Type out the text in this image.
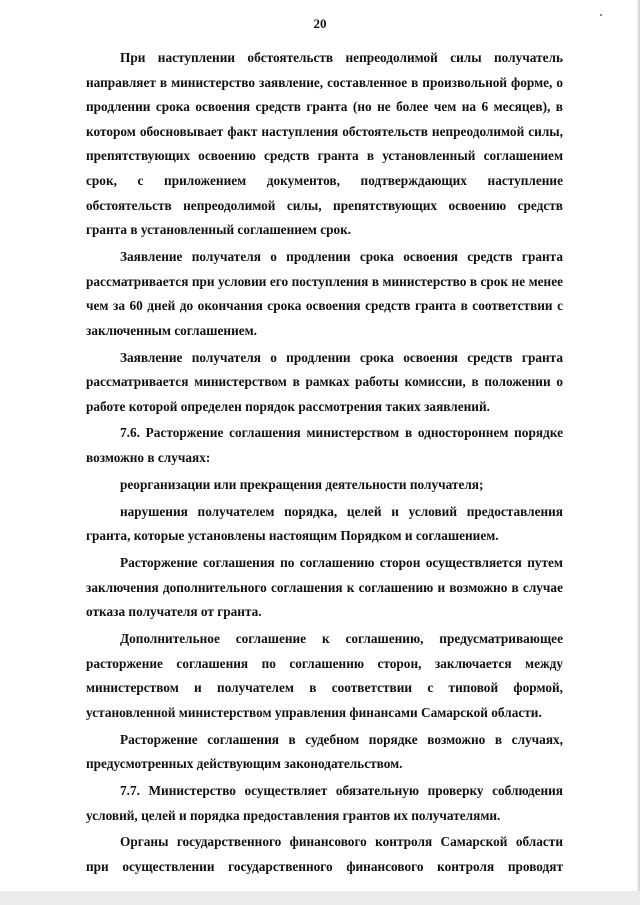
20

При наступлении обстоятельств непреодолимой силы получатель направляет в министерство заявление, составленное в произвольной форме, о продлении срока освоения средств гранта (но не более чем на 6 месяцев), в котором обосновывает факт наступления обстоятельств непреодолимой силы, препятствующих освоению средств гранта в установленный соглашением срок, с приложением документов, подтверждающих наступление обстоятельств непреодолимой силы, препятствующих освоению средств гранта в установленный соглашением срок.

Заявление получателя о продлении срока освоения средств гранта рассматривается при условии его поступления в министерство в срок не менее чем за 60 дней до окончания срока освоения средств гранта в соответствии с заключенным соглашением.

Заявление получателя о продлении срока освоения средств гранта рассматривается министерством в рамках работы комиссии, в положении о работе которой определен порядок рассмотрения таких заявлений.

7.6. Расторжение соглашения министерством в одностороннем порядке возможно в случаях:

реорганизации или прекращения деятельности получателя;

нарушения получателем порядка, целей и условий предоставления гранта, которые установлены настоящим Порядком и соглашением.

Расторжение соглашения по соглашению сторон осуществляется путем заключения дополнительного соглашения к соглашению и возможно в случае отказа получателя от гранта.

Дополнительное соглашение к соглашению, предусматривающее расторжение соглашения по соглашению сторон, заключается между министерством и получателем в соответствии с типовой формой, установленной министерством управления финансами Самарской области.

Расторжение соглашения в судебном порядке возможно в случаях, предусмотренных действующим законодательством.

7.7. Министерство осуществляет обязательную проверку соблюдения условий, целей и порядка предоставления грантов их получателями.

Органы государственного финансового контроля Самарской области при осуществлении государственного финансового контроля проводят
